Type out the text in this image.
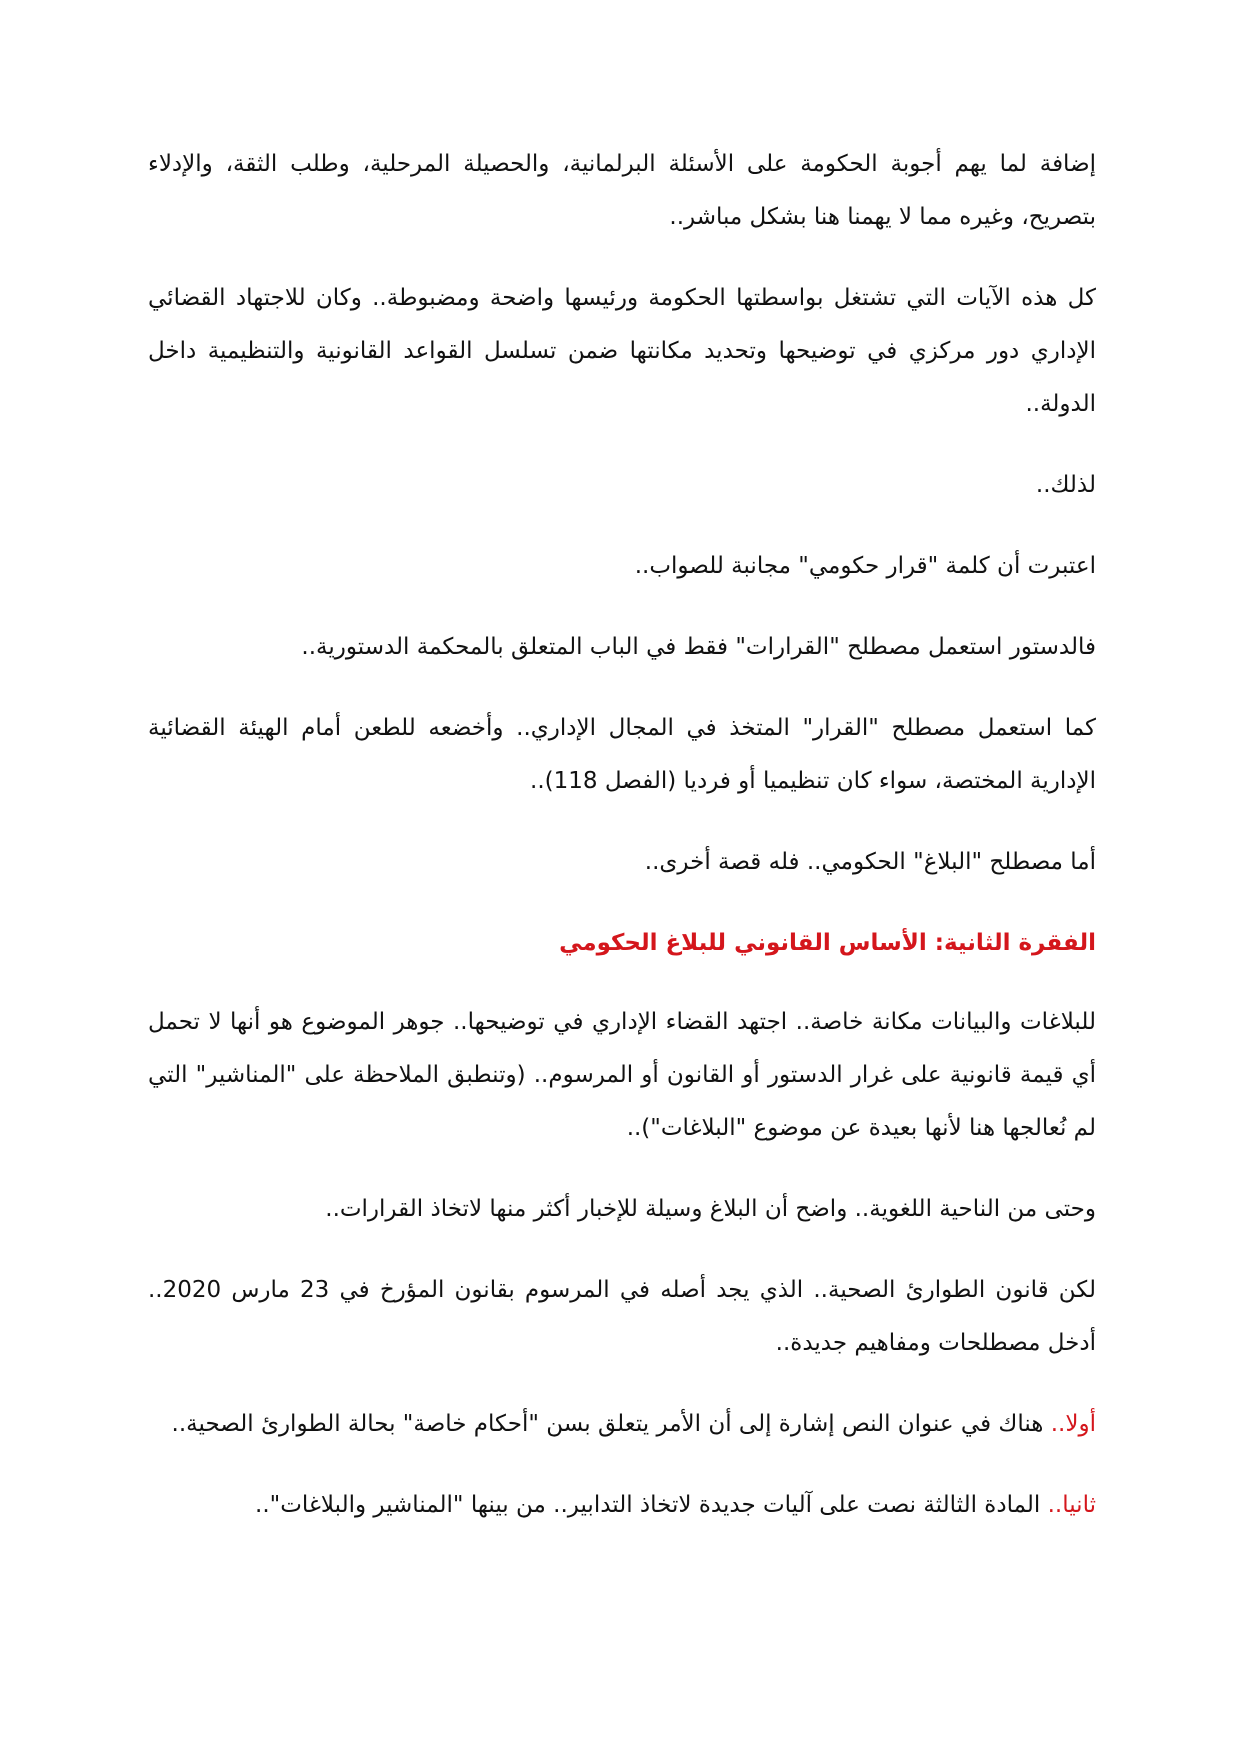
إضافة لما يهم أجوبة الحكومة على الأسئلة البرلمانية، والحصيلة المرحلية، وطلب الثقة، والإدلاء بتصريح، وغيره مما لا يهمنا هنا بشكل مباشر..

كل هذه الآيات التي تشتغل بواسطتها الحكومة ورئيسها واضحة ومضبوطة.. وكان للاجتهاد القضائي الإداري دور مركزي في توضيحها وتحديد مكانتها ضمن تسلسل القواعد القانونية والتنظيمية داخل الدولة..

لذلك..

اعتبرت أن كلمة "قرار حكومي" مجانبة للصواب..

فالدستور استعمل مصطلح "القرارات" فقط في الباب المتعلق بالمحكمة الدستورية..

كما استعمل مصطلح "القرار" المتخذ في المجال الإداري.. وأخضعه للطعن أمام الهيئة القضائية الإدارية المختصة، سواء كان تنظيميا أو فرديا (الفصل 118)..

أما مصطلح "البلاغ" الحكومي.. فله قصة أخرى..

الفقرة الثانية: الأساس القانوني للبلاغ الحكومي

للبلاغات والبيانات مكانة خاصة.. اجتهد القضاء الإداري في توضيحها.. جوهر الموضوع هو أنها لا تحمل أي قيمة قانونية على غرار الدستور أو القانون أو المرسوم.. (وتنطبق الملاحظة على "المناشير" التي لم نُعالجها هنا لأنها بعيدة عن موضوع "البلاغات")..

وحتى من الناحية اللغوية.. واضح أن البلاغ وسيلة للإخبار أكثر منها لاتخاذ القرارات..

لكن قانون الطوارئ الصحية.. الذي يجد أصله في المرسوم بقانون المؤرخ في 23 مارس 2020.. أدخل مصطلحات ومفاهيم جديدة..

أولا.. هناك في عنوان النص إشارة إلى أن الأمر يتعلق بسن "أحكام خاصة" بحالة الطوارئ الصحية..

ثانيا.. المادة الثالثة نصت على آليات جديدة لاتخاذ التدابير.. من بينها "المناشير والبلاغات"..
